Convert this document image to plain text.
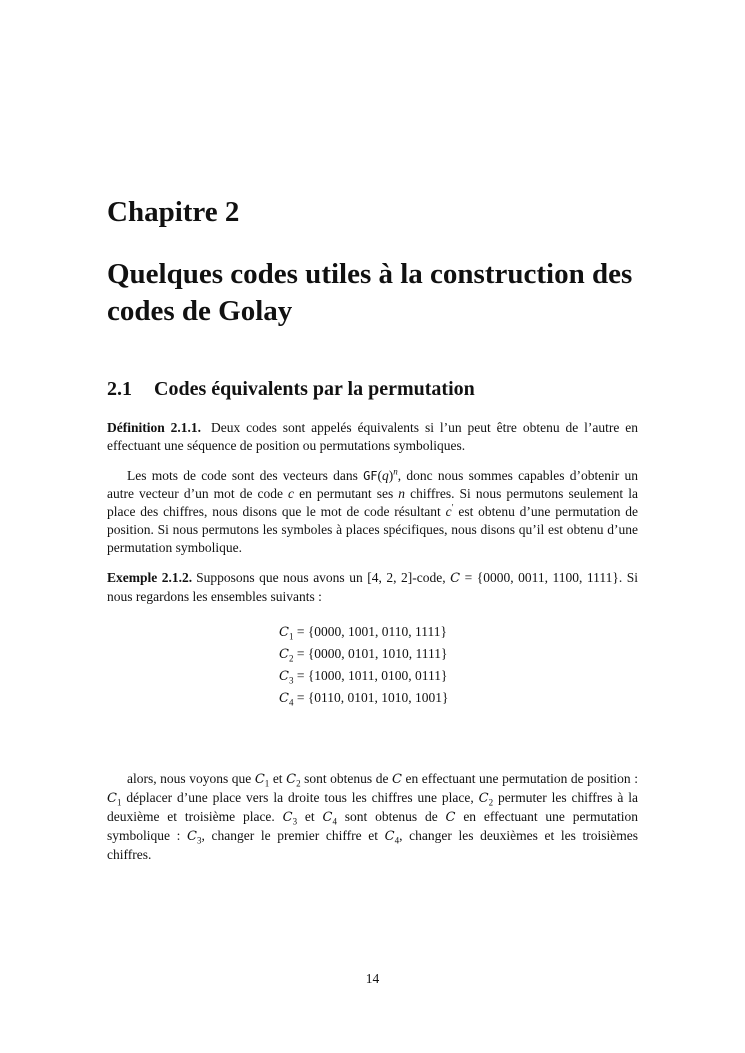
Chapitre 2
Quelques codes utiles à la construction des codes de Golay
2.1 Codes équivalents par la permutation
Définition 2.1.1. Deux codes sont appelés équivalents si l’un peut être obtenu de l’autre en effectuant une séquence de position ou permutations symboliques.
Les mots de code sont des vecteurs dans $GF(q)^n$, donc nous sommes capables d’obtenir un autre vecteur d’un mot de code c en permutant ses n chiffres. Si nous permutons seulement la place des chiffres, nous disons que le mot de code résultant c′ est obtenu d’une permutation de position. Si nous permutons les symboles à places spécifiques, nous disons qu’il est obtenu d’une permutation symbolique.
Exemple 2.1.2. Supposons que nous avons un [4, 2, 2]-code, C = {0000, 0011, 1100, 1111}. Si nous regardons les ensembles suivants :
$C_1 = \{0000$, 1001, 0110, 1111}
$C_2 = \{0000$, 0101, 1010, 1111}
$C_3 = \{1000$, 1011, 0100, 0111}
$C_4 = \{0110$, 0101, 1010, 1001}
alors, nous voyons que $C_1$ et $C_2$ sont obtenus de C en effectuant une permutation de position : $C_1$ déplacer d’une place vers la droite tous les chiffres une place, $C_2$ permuter les chiffres à la deuxième et troisième place. $C_3$ et $C_4$ sont obtenus de C en effectuant une permutation symbolique : $C_3$, changer le premier chiffre et $C_4$, changer les deuxièmes et les troisièmes chiffres.
14
